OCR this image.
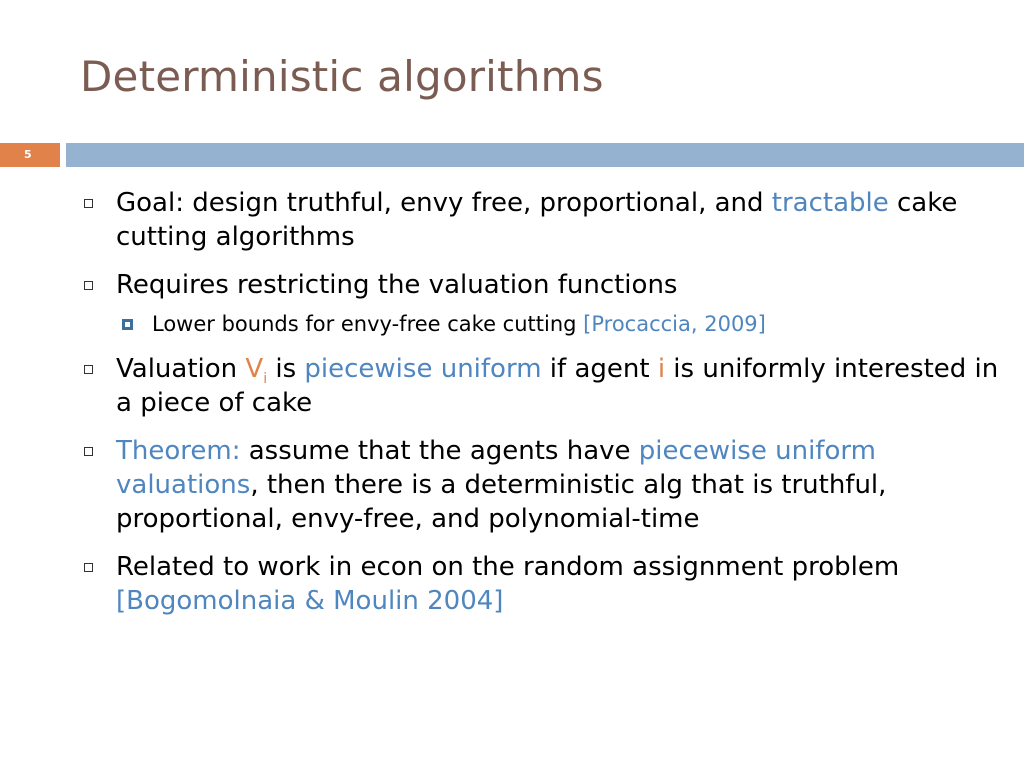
Deterministic algorithms
5
Goal: design truthful, envy free, proportional, and tractable cake cutting algorithms
Requires restricting the valuation functions
Lower bounds for envy-free cake cutting [Procaccia, 2009]
Valuation $V_i$ is piecewise uniform if agent i is uniformly interested in a piece of cake
Theorem: assume that the agents have piecewise uniform valuations, then there is a deterministic alg that is truthful, proportional, envy-free, and polynomial-time
Related to work in econ on the random assignment problem [Bogomolnaia & Moulin 2004]
